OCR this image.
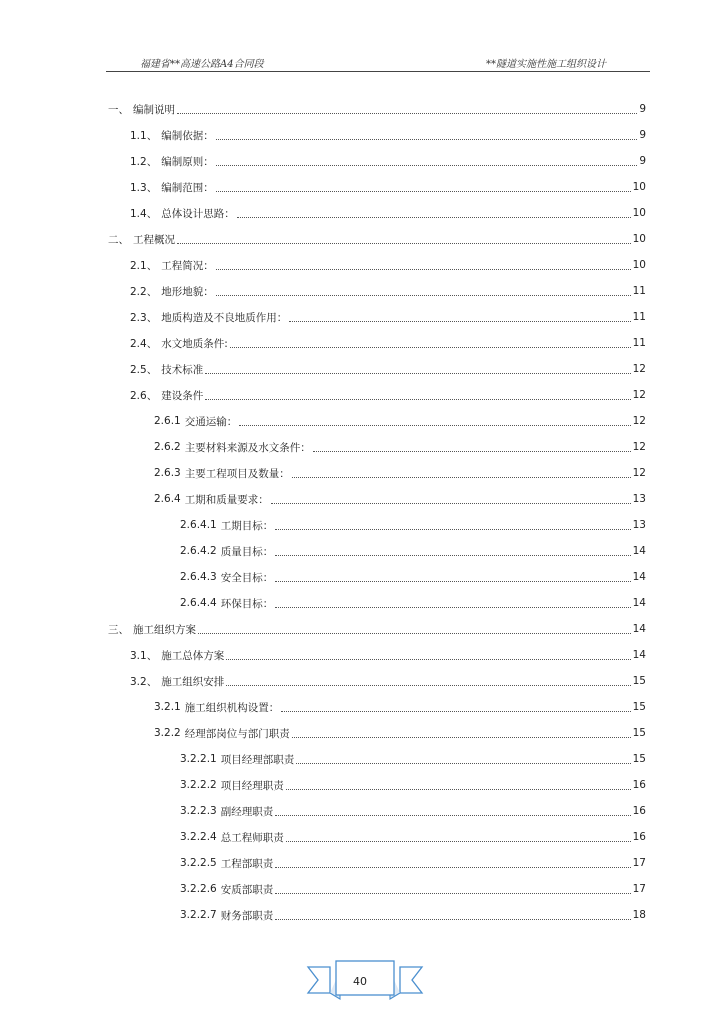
福建省**高速公路A4合同段	**隧道实施性施工组织设计
一、 编制说明	9
1.1、 编制依据：	9
1.2、 编制原则：	9
1.3、 编制范围：	10
1.4、 总体设计思路：	10
二、 工程概况	10
2.1、 工程简况：	10
2.2、 地形地貌：	11
2.3、 地质构造及不良地质作用：	11
2.4、 水文地质条件:	11
2.5、 技术标准	12
2.6、 建设条件	12
2.6.1 交通运输：	12
2.6.2 主要材料来源及水文条件：	12
2.6.3 主要工程项目及数量：	12
2.6.4 工期和质量要求：	13
2.6.4.1 工期目标：	13
2.6.4.2 质量目标：	14
2.6.4.3 安全目标：	14
2.6.4.4 环保目标：	14
三、 施工组织方案	14
3.1、 施工总体方案	14
3.2、 施工组织安排	15
3.2.1 施工组织机构设置：	15
3.2.2 经理部岗位与部门职责	15
3.2.2.1 项目经理部职责	15
3.2.2.2 项目经理职责	16
3.2.2.3 副经理职责	16
3.2.2.4 总工程师职责	16
3.2.2.5 工程部职责	17
3.2.2.6 安质部职责	17
3.2.2.7 财务部职责	18
40
